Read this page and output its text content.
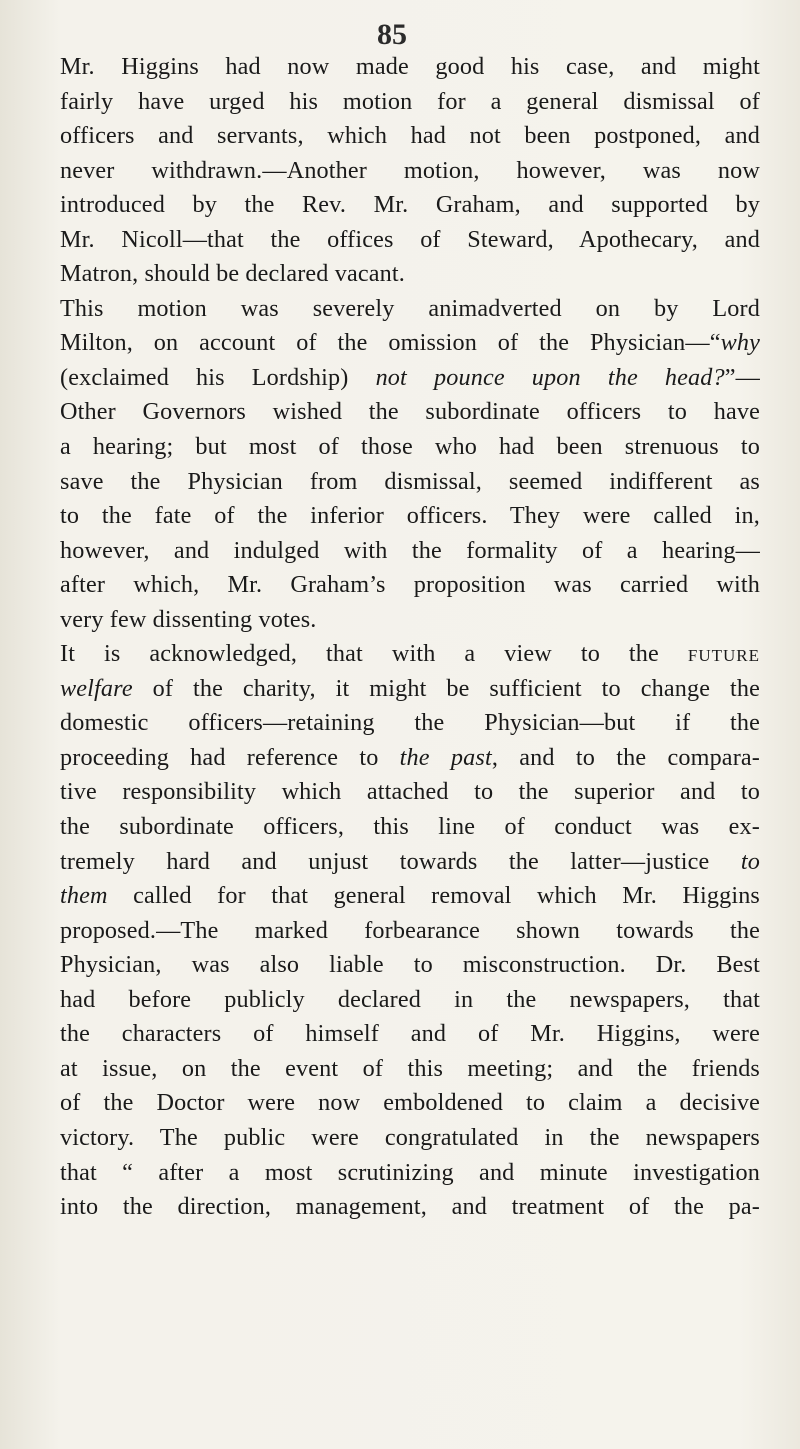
85
Mr. Higgins had now made good his case, and might
fairly have urged his motion for a general dismissal of
officers and servants, which had not been postponed, and
never withdrawn.—Another motion, however, was now
introduced by the Rev. Mr. Graham, and supported by
Mr. Nicoll—that the offices of Steward, Apothecary, and
Matron, should be declared vacant.
This motion was severely animadverted on by Lord
Milton, on account of the omission of the Physician—“why
(exclaimed his Lordship) not pounce upon the head?”—
Other Governors wished the subordinate officers to have
a hearing; but most of those who had been strenuous to
save the Physician from dismissal, seemed indifferent as
to the fate of the inferior officers. They were called in,
however, and indulged with the formality of a hearing—
after which, Mr. Graham’s proposition was carried with
very few dissenting votes.
It is acknowledged, that with a view to the future
welfare of the charity, it might be sufficient to change the
domestic officers—retaining the Physician—but if the
proceeding had reference to the past, and to the compara-
tive responsibility which attached to the superior and to
the subordinate officers, this line of conduct was ex-
tremely hard and unjust towards the latter—justice to
them called for that general removal which Mr. Higgins
proposed.—The marked forbearance shown towards the
Physician, was also liable to misconstruction. Dr. Best
had before publicly declared in the newspapers, that
the characters of himself and of Mr. Higgins, were
at issue, on the event of this meeting; and the friends
of the Doctor were now emboldened to claim a decisive
victory. The public were congratulated in the newspapers
that “ after a most scrutinizing and minute investigation
into the direction, management, and treatment of the pa-
